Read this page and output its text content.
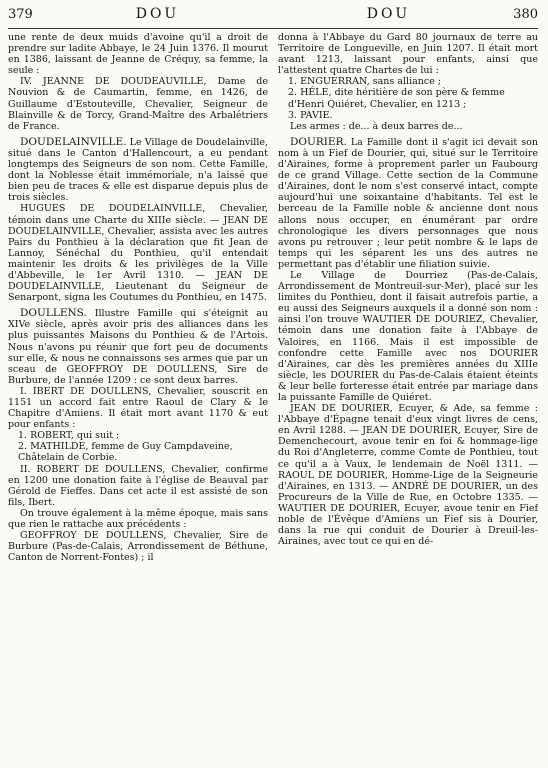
379	DOU	DOU	380

une rente de deux muids d'avoine qu'il a droit de prendre sur ladite Abbaye, le 24 Juin 1376. Il mourut en 1386, laissant de Jeanne de Créquy, sa femme, la seule :

IV. JEANNE DE DOUDEAUVILLE, Dame de Nouvion & de Caumartin, femme, en 1426, de Guillaume d'Estouteville, Chevalier, Seigneur de Blainville & de Torcy, Grand-Maître des Arbalétriers de France.

DOUDELAINVILLE. Le Village de Doudelainville, situé dans le Canton d'Hallencourt, a eu pendant longtemps des Seigneurs de son nom. Cette Famille, dont la Noblesse était immémoriale, n'a laissé que bien peu de traces & elle est disparue depuis plus de trois siècles.

HUGUES DE DOUDELAINVILLE, Chevalier, témoin dans une Charte du XIIIe siècle. — JEAN DE DOUDELAINVILLE, Chevalier, assista avec les autres Pairs du Ponthieu à la déclaration que fit Jean de Lannoy, Sénéchal du Ponthieu, qu'il entendait maintenir les droits & les privilèges de la Ville d'Abbeville, le 1er Avril 1310. — JEAN DE DOUDELAINVILLE, Lieutenant du Seigneur de Senarpont, signa les Coutumes du Ponthieu, en 1475.

DOULLENS. Illustre Famille qui s'éteignit au XIVe siècle, après avoir pris des alliances dans les plus puissantes Maisons du Ponthieu & de l'Artois. Nous n'avons pu réunir que fort peu de documents sur elle, & nous ne connaissons ses armes que par un sceau de GEOFFROY DE DOULLENS, Sire de Burbure, de l'année 1209 : ce sont deux barres.

I. IBERT DE DOULLENS, Chevalier, souscrit en 1151 un accord fait entre Raoul de Clary & le Chapitre d'Amiens. Il était mort avant 1170 & eut pour enfants :

1. ROBERT, qui suit ;
2. MATHILDE, femme de Guy Campdaveine, Châtelain de Corbie.

II. ROBERT DE DOULLENS, Chevalier, confirme en 1200 une donation faite à l'église de Beauval par Gérold de Fieffes. Dans cet acte il est assisté de son fils, Ibert.

On trouve également à la même époque, mais sans que rien le rattache aux précédents :

GEOFFROY DE DOULLENS, Chevalier, Sire de Burbure (Pas-de-Calais, Arrondissement de Béthune, Canton de Norrent-Fontes) ; il

donna à l'Abbaye du Gard 80 journaux de terre au Territoire de Longueville, en Juin 1207. Il était mort avant 1213, laissant pour enfants, ainsi que l'attestent quatre Chartes de lui :

1. ENGUERRAN, sans alliance ;
2. HÉLE, dite héritière de son père & femme d'Henri Quiéret, Chevalier, en 1213 ;
3. PAVIE.

Les armes : de... à deux barres de...

DOURIER. La Famille dont il s'agit ici devait son nom à un Fief de Dourier, qui, situé sur le Territoire d'Airaines, forme à proprement parler un Faubourg de ce grand Village. Cette section de la Commune d'Airaines, dont le nom s'est conservé intact, compte aujourd'hui une soixantaine d'habitants. Tel est le berceau de la Famille noble & ancienne dont nous allons nous occuper, en énumérant par ordre chronologique les divers personnages que nous avons pu retrouver ; leur petit nombre & le laps de temps qui les séparent les uns des autres ne permettant pas d'établir une filiation suivie.

Le Village de Dourriez (Pas-de-Calais, Arrondissement de Montreuil-sur-Mer), placé sur les limites du Ponthieu, dont il faisait autrefois partie, a eu aussi des Seigneurs auxquels il a donné son nom : ainsi l'on trouve WAUTIER DE DOURIEZ, Chevalier, témoin dans une donation faite à l'Abbaye de Valoires, en 1166. Mais il est impossible de confondre cette Famille avec nos DOURIER d'Airaines, car dès les premières années du XIIIe siècle, les DOURIER du Pas-de-Calais étaient éteints & leur belle forteresse était entrée par mariage dans la puissante Famille de Quiéret.

JEAN DE DOURIER, Ecuyer, & Ade, sa femme : l'Abbaye d'Épagne tenait d'eux vingt livres de cens, en Avril 1288. — JEAN DE DOURIER, Ecuyer, Sire de Demenchecourt, avoue tenir en foi & hommage-lige du Roi d'Angleterre, comme Comte de Ponthieu, tout ce qu'il a à Vaux, le lendemain de Noël 1311. — RAOUL DE DOURIER, Homme-Lige de la Seigneurie d'Airaines, en 1313. — ANDRÉ DE DOURIER, un des Procureurs de la Ville de Rue, en Octobre 1335. — WAUTIER DE DOURIER, Ecuyer, avoue tenir en Fief noble de l'Évêque d'Amiens un Fief sis à Dourier, dans la rue qui conduit de Dourier à Dreuil-les-Airaines, avec tout ce qui en dé-
